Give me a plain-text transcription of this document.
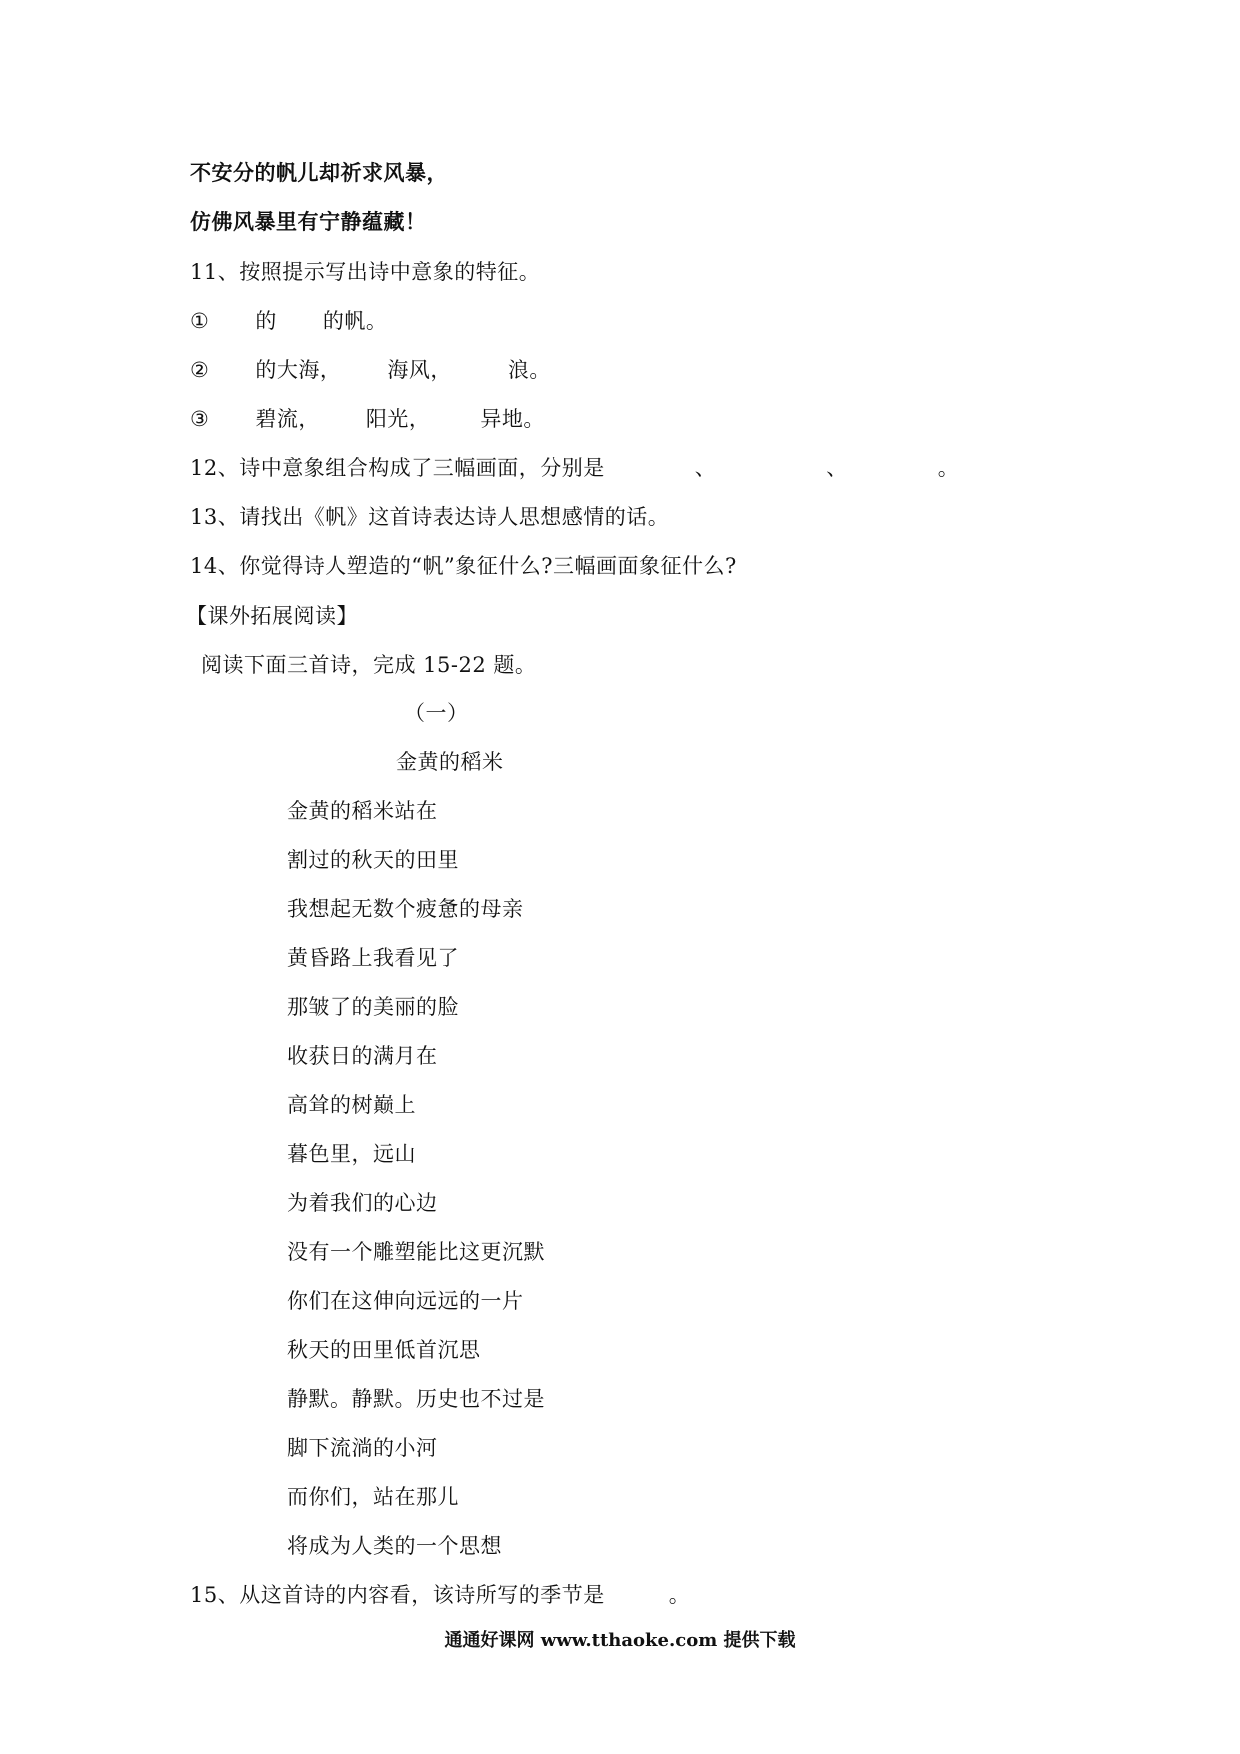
不安分的帆儿却祈求风暴，
仿佛风暴里有宁静蕴藏！
11、按照提示写出诗中意象的特征。
① 的 的帆。
② 的大海， 海风，	浪。
③ 碧流， 阳光， 异地。
12、诗中意象组合构成了三幅画面，分别是	、	、	。
13、请找出《帆》这首诗表达诗人思想感情的话。
14、你觉得诗人塑造的“帆”象征什么?三幅画面象征什么?
【课外拓展阅读】
阅读下面三首诗，完成 15-22 题。
（一）
金黄的稻米
金黄的稻米站在
割过的秋天的田里
我想起无数个疲惫的母亲
黄昏路上我看见了
那皱了的美丽的脸
收获日的满月在
高耸的树巅上
暮色里，远山
为着我们的心边
没有一个雕塑能比这更沉默
你们在这伸向远远的一片
秋天的田里低首沉思
静默。静默。历史也不过是
脚下流淌的小河
而你们，站在那儿
将成为人类的一个思想
15、从这首诗的内容看，该诗所写的季节是	。
通通好课网 www.tthaoke.com 提供下载
